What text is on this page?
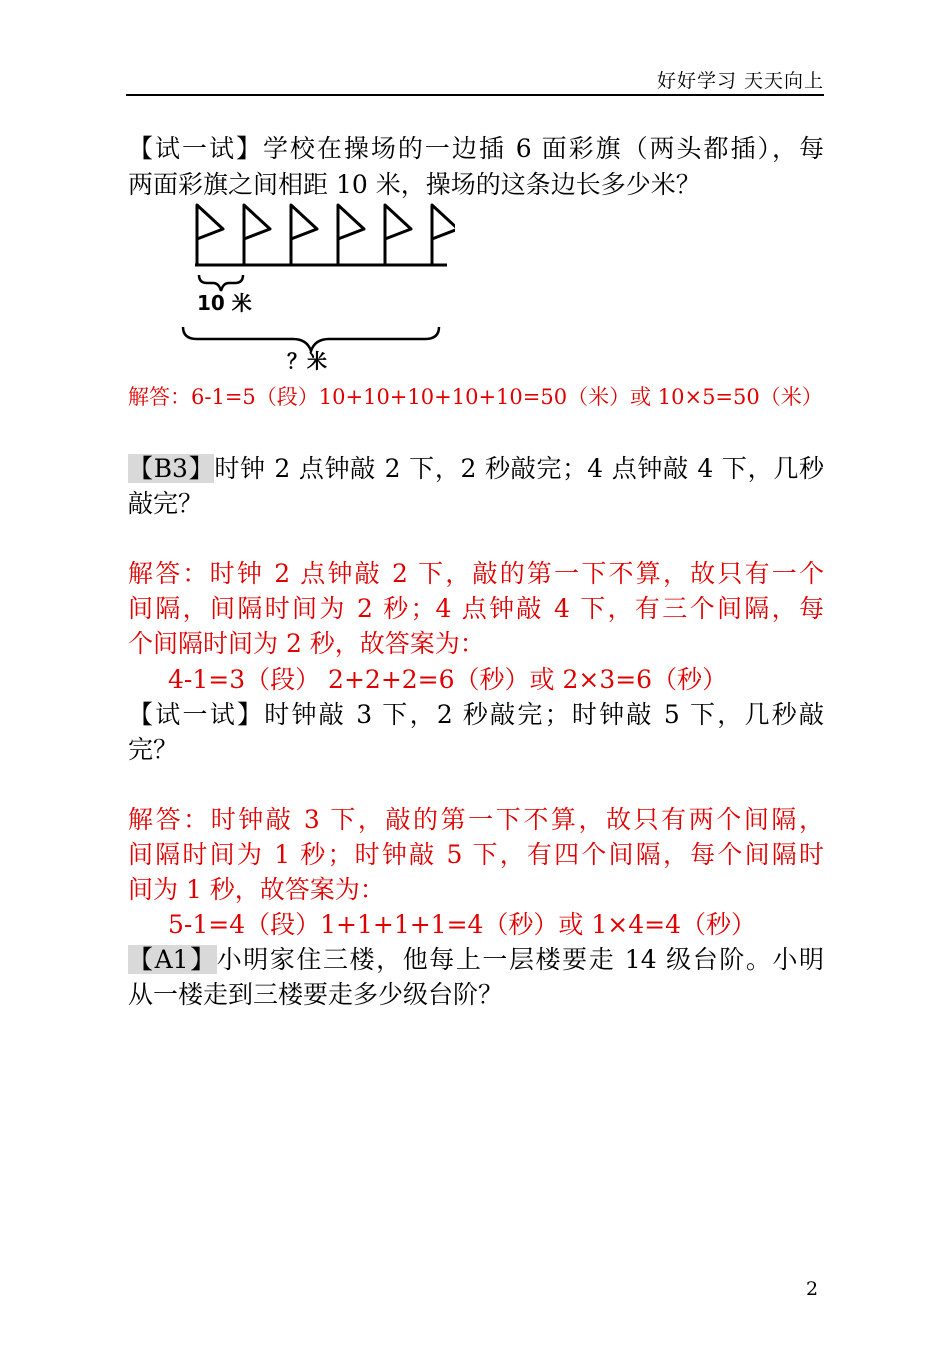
好好学习 天天向上
【试一试】学校在操场的一边插 6 面彩旗（两头都插），每
两面彩旗之间相距 10 米，操场的这条边长多少米？
10 米
？米
解答：6-1=5（段）10+10+10+10+10=50（米）或 10×5=50（米）
【B3】时钟 2 点钟敲 2 下，2 秒敲完；4 点钟敲 4 下，几秒
敲完？
解答：时钟 2 点钟敲 2 下，敲的第一下不算，故只有一个
间隔，间隔时间为 2 秒；4 点钟敲 4 下，有三个间隔，每
个间隔时间为 2 秒，故答案为：
4-1=3（段） 2+2+2=6（秒）或 2×3=6（秒）
【试一试】时钟敲 3 下，2 秒敲完；时钟敲 5 下，几秒敲
完？
解答：时钟敲 3 下，敲的第一下不算，故只有两个间隔，
间隔时间为 1 秒；时钟敲 5 下，有四个间隔，每个间隔时
间为 1 秒，故答案为：
5-1=4（段）1+1+1+1=4（秒）或 1×4=4（秒）
【A1】小明家住三楼，他每上一层楼要走 14 级台阶。小明
从一楼走到三楼要走多少级台阶？
2
